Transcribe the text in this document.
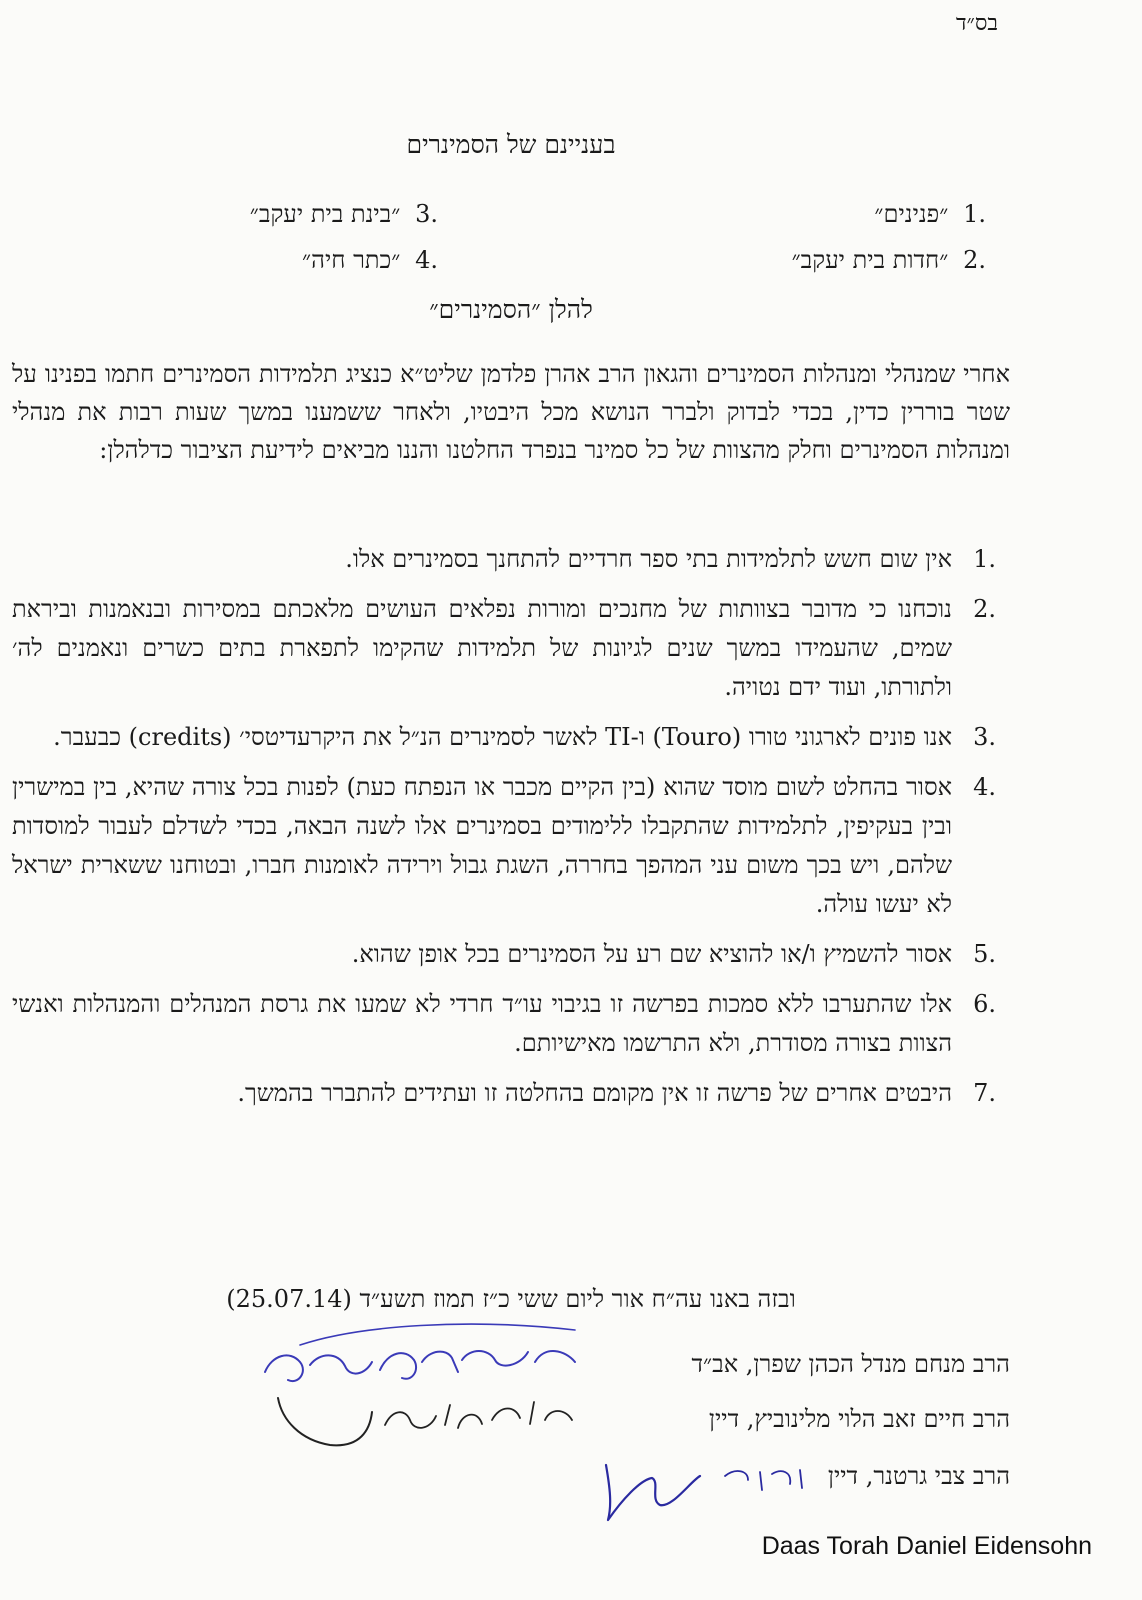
בס״ד
בעניינם של הסמינרים
.1 ״פנינים״
.2 ״חדות בית יעקב״
.3 ״בינת בית יעקב״
.4 ״כתר חיה״
להלן ״הסמינרים״
אחרי שמנהלי ומנהלות הסמינרים והגאון הרב אהרן פלדמן שליט״א כנציג תלמידות הסמינרים חתמו בפנינו על שטר בוררין כדין, בכדי לבדוק ולברר הנושא מכל היבטיו, ולאחר ששמענו במשך שעות רבות את מנהלי ומנהלות הסמינרים וחלק מהצוות של כל סמינר בנפרד החלטנו והננו מביאים לידיעת הציבור כדלהלן:
.1
אין שום חשש לתלמידות בתי ספר חרדיים להתחנך בסמינרים אלו.
.2
נוכחנו כי מדובר בצוותות של מחנכים ומורות נפלאים העושים מלאכתם במסירות ובנאמנות וביראת שמים, שהעמידו במשך שנים לגיונות של תלמידות שהקימו לתפארת בתים כשרים ונאמנים לה׳ ולתורתו, ועוד ידם נטויה.
.3
אנו פונים לארגוני טורו (Touro) ו-TI לאשר לסמינרים הנ״ל את היקרעדיטסי׳ (credits) כבעבר.
.4
אסור בהחלט לשום מוסד שהוא (בין הקיים מכבר או הנפתח כעת) לפנות בכל צורה שהיא, בין במישרין ובין בעקיפין, לתלמידות שהתקבלו ללימודים בסמינרים אלו לשנה הבאה, בכדי לשדלם לעבור למוסדות שלהם, ויש בכך משום עני המהפך בחררה, השגת גבול וירידה לאומנות חברו, ובטוחנו ששארית ישראל לא יעשו עולה.
.5
אסור להשמיץ ו/או להוציא שם רע על הסמינרים בכל אופן שהוא.
.6
אלו שהתערבו ללא סמכות בפרשה זו בגיבוי עו״ד חרדי לא שמעו את גרסת המנהלים והמנהלות ואנשי הצוות בצורה מסודרת, ולא התרשמו מאישיותם.
.7
היבטים אחרים של פרשה זו אין מקומם בהחלטה זו ועתידים להתברר בהמשך.
ובזה באנו עה״ח אור ליום ששי כ״ז תמוז תשע״ד (25.07.14)
הרב מנחם מנדל הכהן שפרן, אב״ד
הרב חיים זאב הלוי מלינוביץ, דיין
הרב צבי גרטנר, דיין
Daas Torah Daniel Eidensohn
